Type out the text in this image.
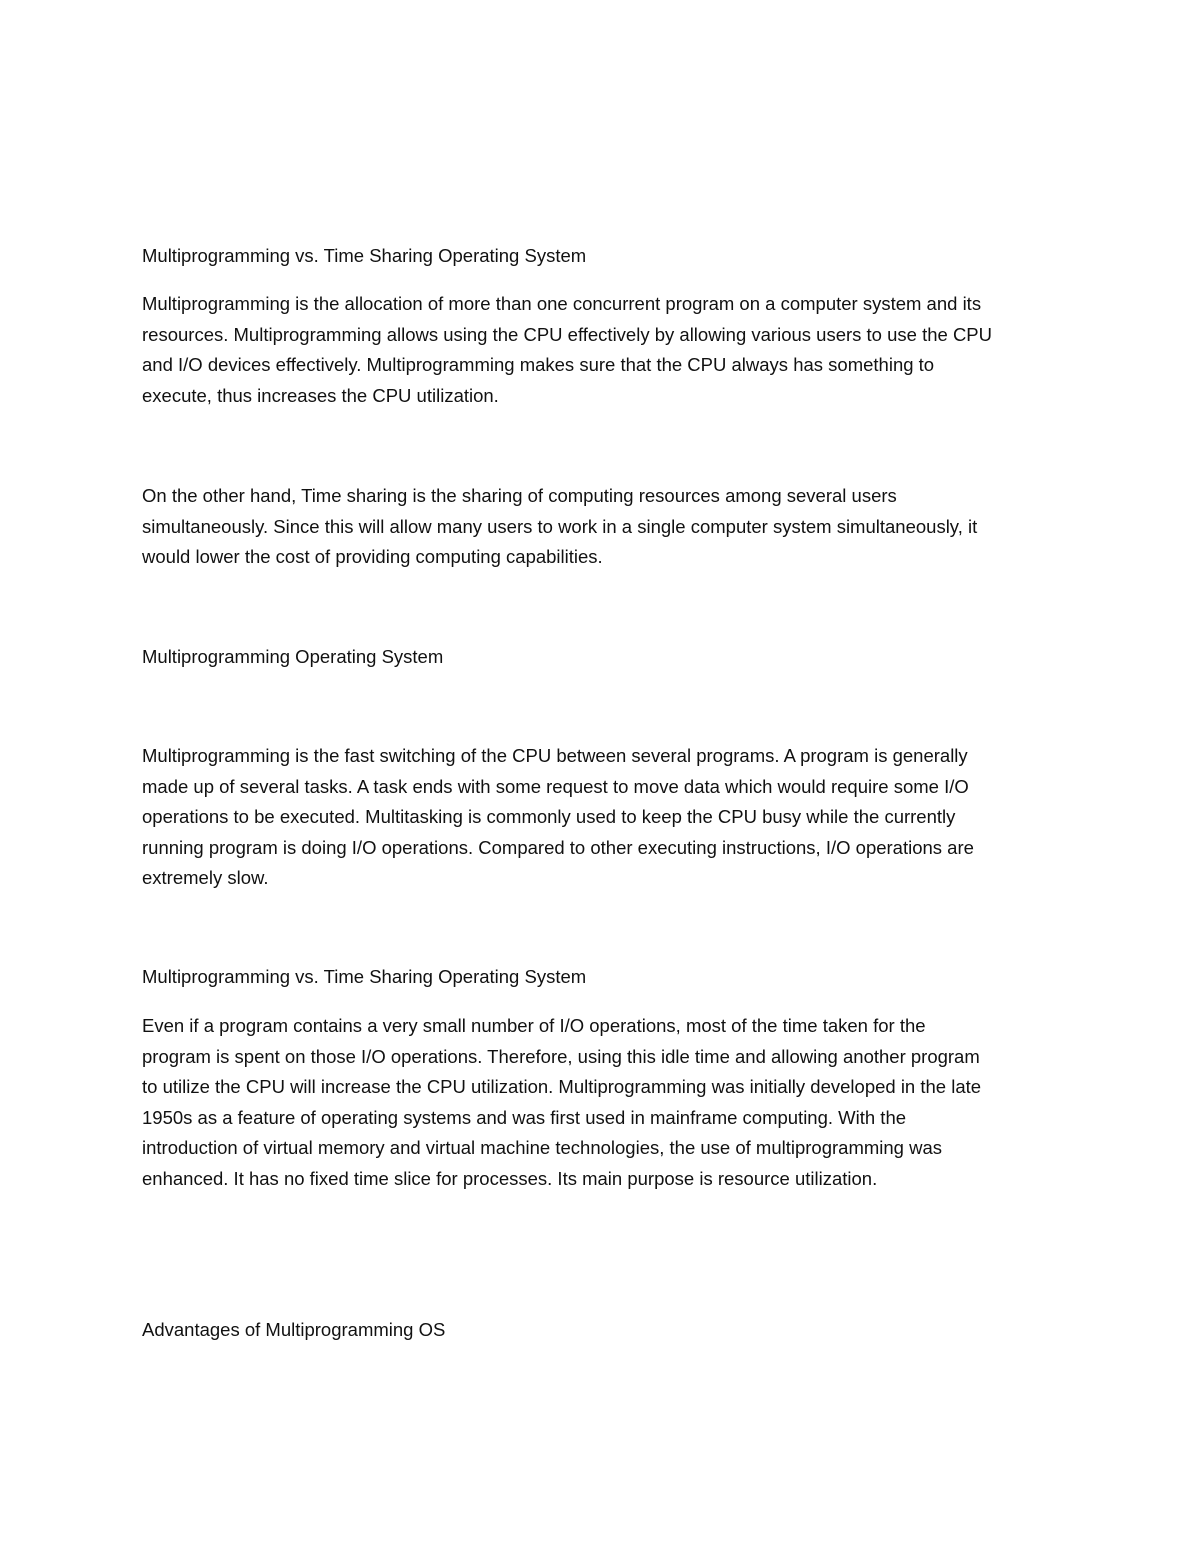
Multiprogramming vs. Time Sharing Operating System

Multiprogramming is the allocation of more than one concurrent program on a computer system and its
resources. Multiprogramming allows using the CPU effectively by allowing various users to use the CPU
and I/O devices effectively. Multiprogramming makes sure that the CPU always has something to
execute, thus increases the CPU utilization.

On the other hand, Time sharing is the sharing of computing resources among several users
simultaneously. Since this will allow many users to work in a single computer system simultaneously, it
would lower the cost of providing computing capabilities.

Multiprogramming Operating System

Multiprogramming is the fast switching of the CPU between several programs. A program is generally
made up of several tasks. A task ends with some request to move data which would require some I/O
operations to be executed. Multitasking is commonly used to keep the CPU busy while the currently
running program is doing I/O operations. Compared to other executing instructions, I/O operations are
extremely slow.

Multiprogramming vs. Time Sharing Operating System

Even if a program contains a very small number of I/O operations, most of the time taken for the
program is spent on those I/O operations. Therefore, using this idle time and allowing another program
to utilize the CPU will increase the CPU utilization. Multiprogramming was initially developed in the late
1950s as a feature of operating systems and was first used in mainframe computing. With the
introduction of virtual memory and virtual machine technologies, the use of multiprogramming was
enhanced. It has no fixed time slice for processes. Its main purpose is resource utilization.

Advantages of Multiprogramming OS
